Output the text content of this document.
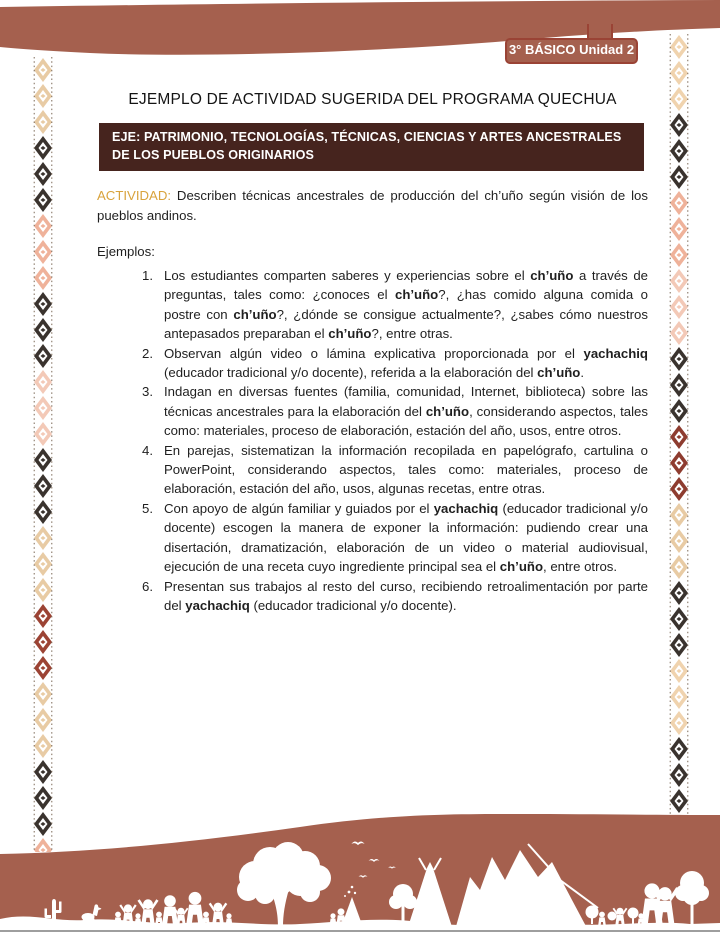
3° BÁSICO Unidad 2
EJEMPLO DE ACTIVIDAD SUGERIDA DEL PROGRAMA QUECHUA
EJE: PATRIMONIO, TECNOLOGÍAS, TÉCNICAS, CIENCIAS Y ARTES ANCESTRALES DE LOS PUEBLOS ORIGINARIOS

ACTIVIDAD: Describen técnicas ancestrales de producción del ch’uño según visión de los pueblos andinos.

Ejemplos:
1. Los estudiantes comparten saberes y experiencias sobre el ch’uño a través de preguntas, tales como: ¿conoces el ch’uño?, ¿has comido alguna comida o postre con ch’uño?, ¿dónde se consigue actualmente?, ¿sabes cómo nuestros antepasados preparaban el ch’uño?, entre otras.
2. Observan algún video o lámina explicativa proporcionada por el yachachiq (educador tradicional y/o docente), referida a la elaboración del ch’uño.
3. Indagan en diversas fuentes (familia, comunidad, Internet, biblioteca) sobre las técnicas ancestrales para la elaboración del ch’uño, considerando aspectos, tales como: materiales, proceso de elaboración, estación del año, usos, entre otros.
4. En parejas, sistematizan la información recopilada en papelógrafo, cartulina o PowerPoint, considerando aspectos, tales como: materiales, proceso de elaboración, estación del año, usos, algunas recetas, entre otras.
5. Con apoyo de algún familiar y guiados por el yachachiq (educador tradicional y/o docente) escogen la manera de exponer la información: pudiendo crear una disertación, dramatización, elaboración de un video o material audiovisual, ejecución de una receta cuyo ingrediente principal sea el ch’uño, entre otros.
6. Presentan sus trabajos al resto del curso, recibiendo retroalimentación por parte del yachachiq (educador tradicional y/o docente).
